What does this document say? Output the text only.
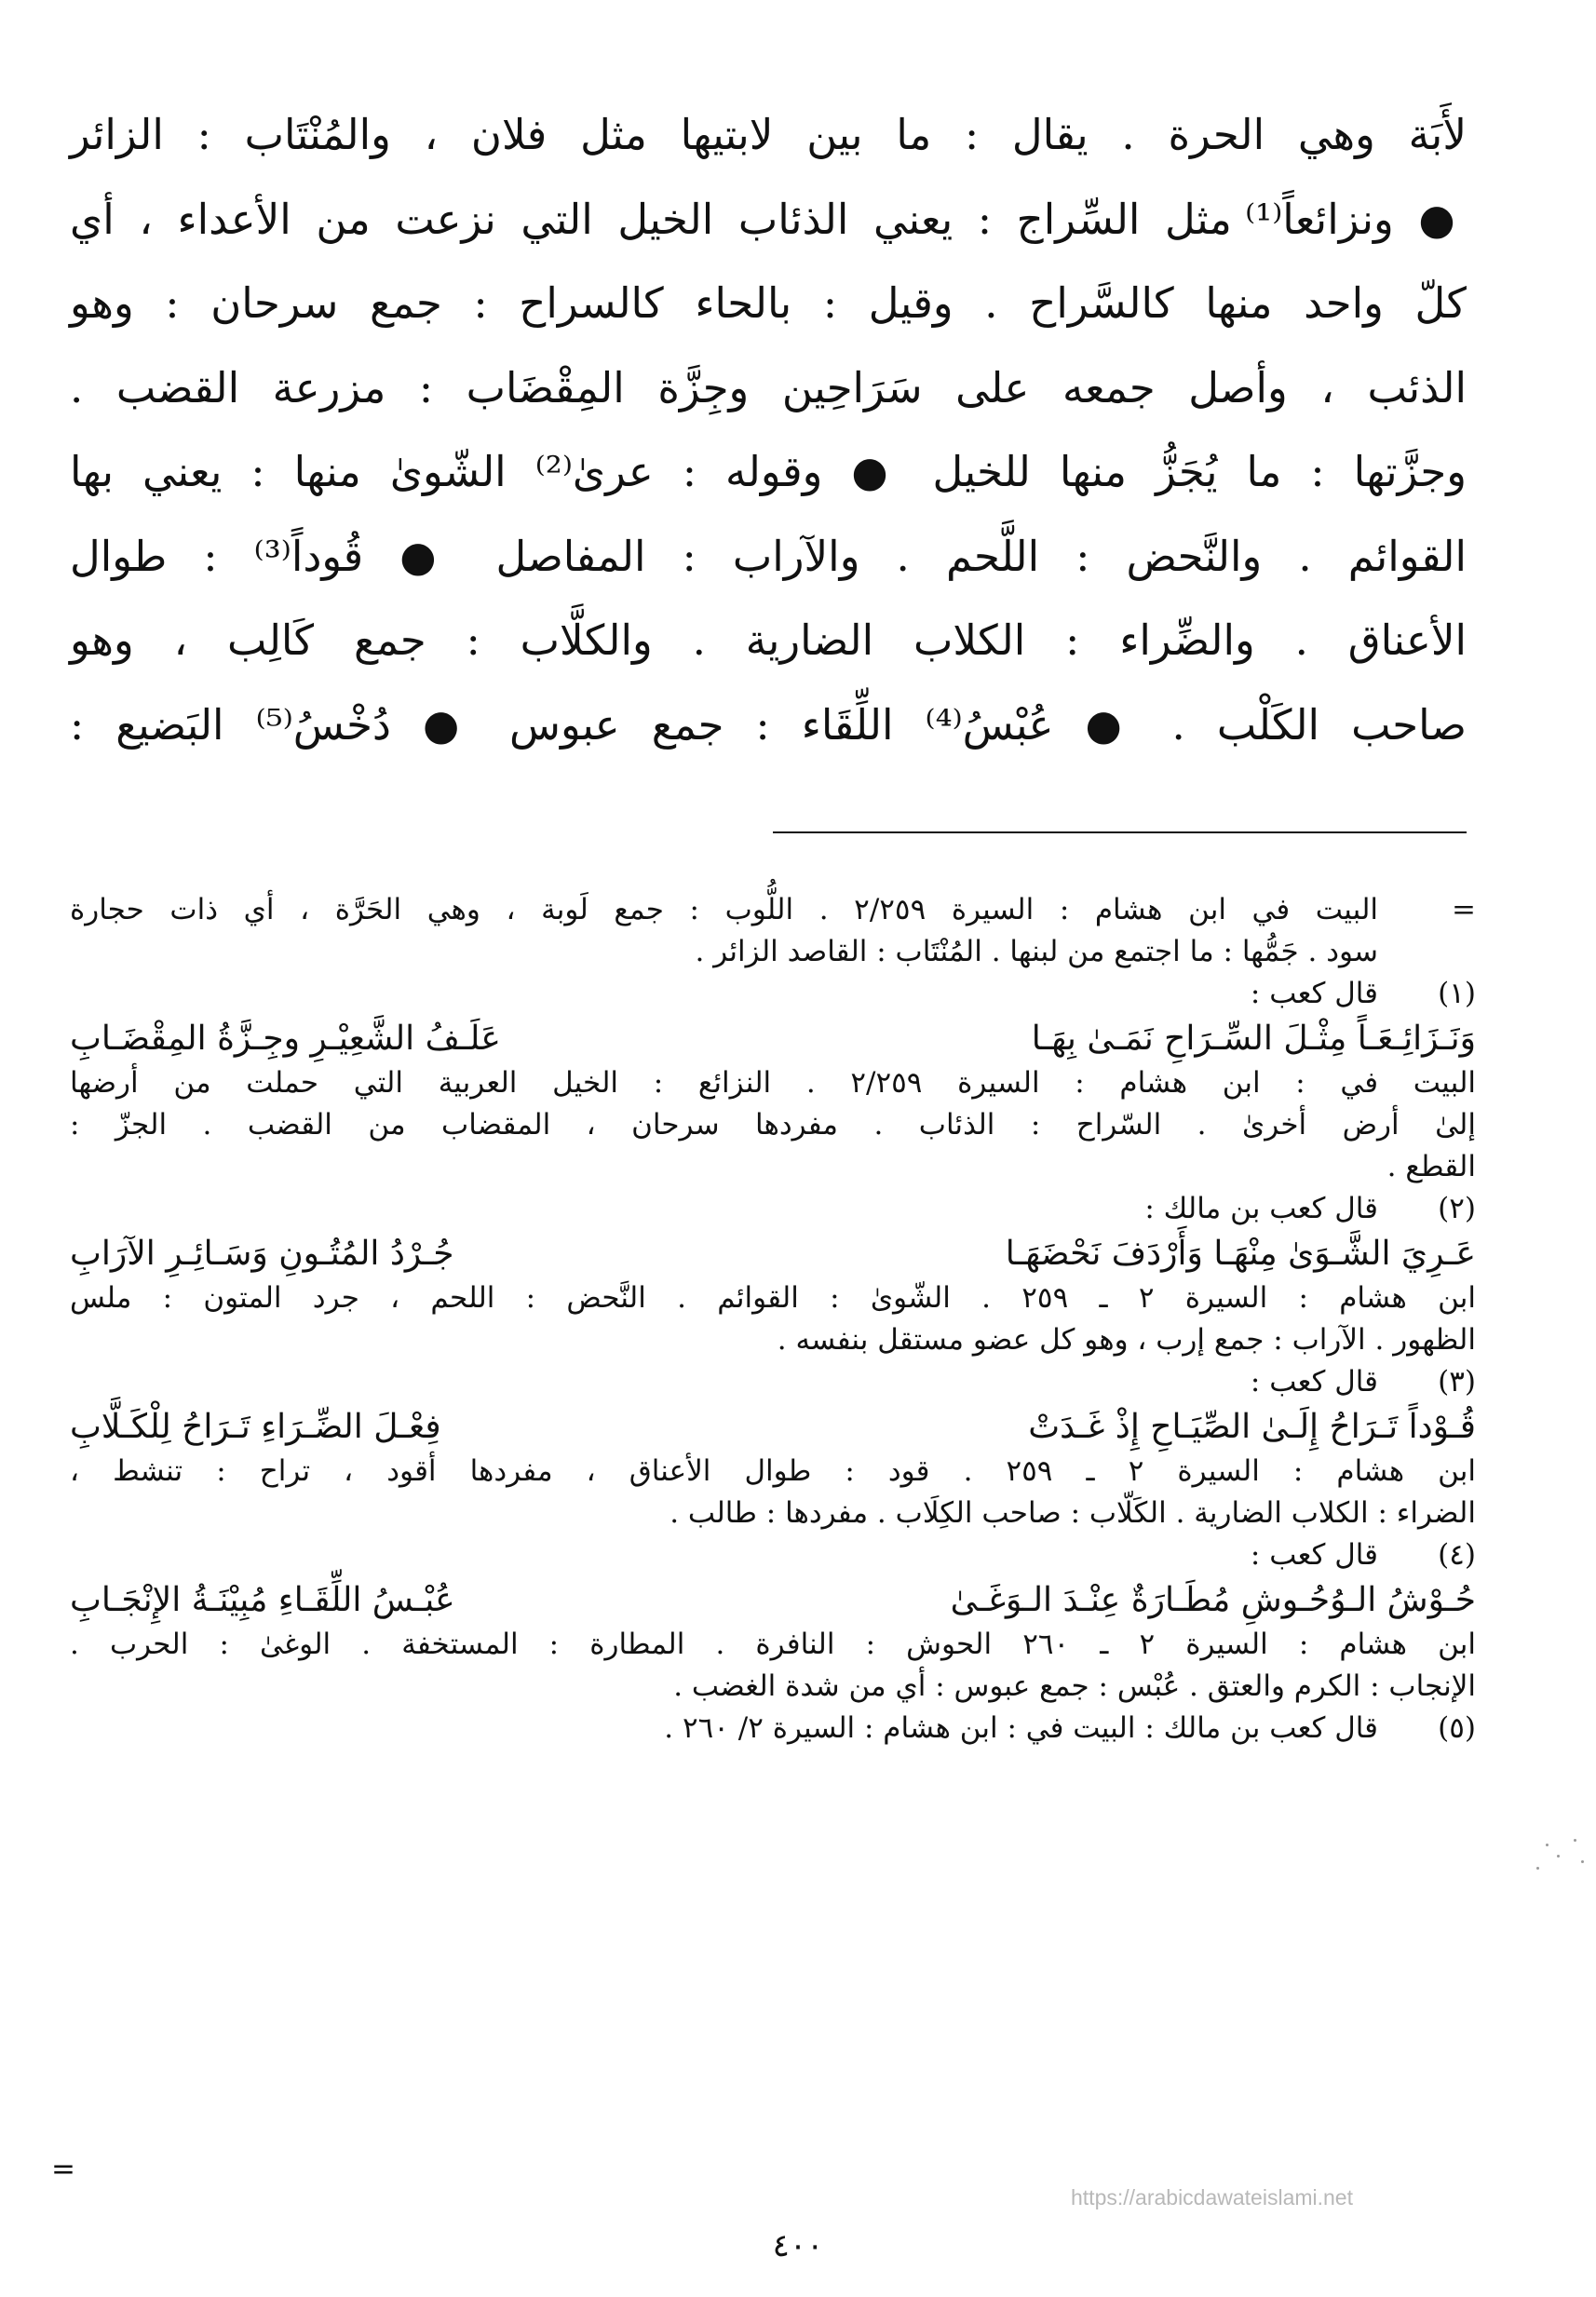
لأَبَة وهي الحرة . يقال : ما بين لابتيها مثل فلان ، والمُنْتَاب : الزائر
● ونزائعاً⁽¹⁾ مثل السِّراج : يعني الذئاب الخيل التي نزعت من الأعداء ، أي
كلّ واحد منها كالسَّراح . وقيل : بالحاء كالسراح : جمع سرحان : وهو
الذئب ، وأصل جمعه على سَرَاحِين وجِزَّة المِقْضَاب : مزرعة القضب .
وجزَّتها : ما يُجَزُّ منها للخيل ● وقوله : عرىٰ⁽²⁾ الشّوىٰ منها : يعني بها
القوائم . والنَّحض : اللَّحم . والآراب : المفاصل ● قُوداً⁽³⁾ : طوال
الأعناق . والضِّراء : الكلاب الضارية . والكلَّاب : جمع كَالِب ، وهو
صاحب الكَلْب . ● عُبْسُ⁽⁴⁾ اللِّقَاء : جمع عبوس ● دُخْسُ⁽⁵⁾ البَضيع :
=
البيت في ابن هشام : السيرة ٢/٢٥٩ . اللُّوب : جمع لَوبة ، وهي الحَرَّة ، أي ذات حجارة
سود . جَمُّها : ما اجتمع من لبنها . المُنْتَاب : القاصد الزائر .
(١)
قال كعب :
وَنَـزَائِـعَـاً مِثْـلَ السِّـرَاحِ نَمَـىٰ بِهَـا
عَلَـفُ الشَّعِيْـرِ وجِـزَّةُ المِقْضَـابِ
البيت في : ابن هشام : السيرة ٢/٢٥٩ . النزائع : الخيل العربية التي حملت من أرضها
إلىٰ أرض أخرىٰ . السّراح : الذئاب . مفردها سرحان ، المقضاب من القضب . الجزّ :
القطع .
(٢)
قال كعب بن مالك :
عَـرِيَ الشَّـوَىٰ مِنْهَـا وَأَرْدَفَ نَحْضَهَـا
جُـرْدُ المُتُـونِ وَسَـائِـرِ الآرَابِ
ابن هشام : السيرة ٢ ـ ٢٥٩ . الشّوىٰ : القوائم . النَّحض : اللحم ، جرد المتون : ملس
الظهور . الآراب : جمع إرب ، وهو كل عضو مستقل بنفسه .
(٣)
قال كعب :
قُـوْداً تَـرَاحُ إِلَـىٰ الصِّيَـاحِ إِذْ غَـدَتْ
فِعْـلَ الضِّـرَاءِ تَـرَاحُ لِلْكَـلَّابِ
ابن هشام : السيرة ٢ ـ ٢٥٩ . قود : طوال الأعناق ، مفردها أقود ، تراح : تنشط ،
الضراء : الكلاب الضارية . الكَلّاب : صاحب الكِلَاب . مفردها : طالب .
(٤)
قال كعب :
حُـوْشُ الـوُحُـوشِ مُطَـارَةٌ عِنْـدَ الـوَغَـىٰ
عُبْـسُ اللِّقَـاءِ مُبِيْنَـةُ الإِنْجَـابِ
ابن هشام : السيرة ٢ ـ ٢٦٠ الحوش : النافرة . المطارة : المستخفة . الوغىٰ : الحرب .
الإنجاب : الكرم والعتق . عُبْس : جمع عبوس : أي من شدة الغضب .
(٥)
قال كعب بن مالك : البيت في : ابن هشام : السيرة ٢/ ٢٦٠ .
=
https://arabicdawateislami.net
٤٠٠
